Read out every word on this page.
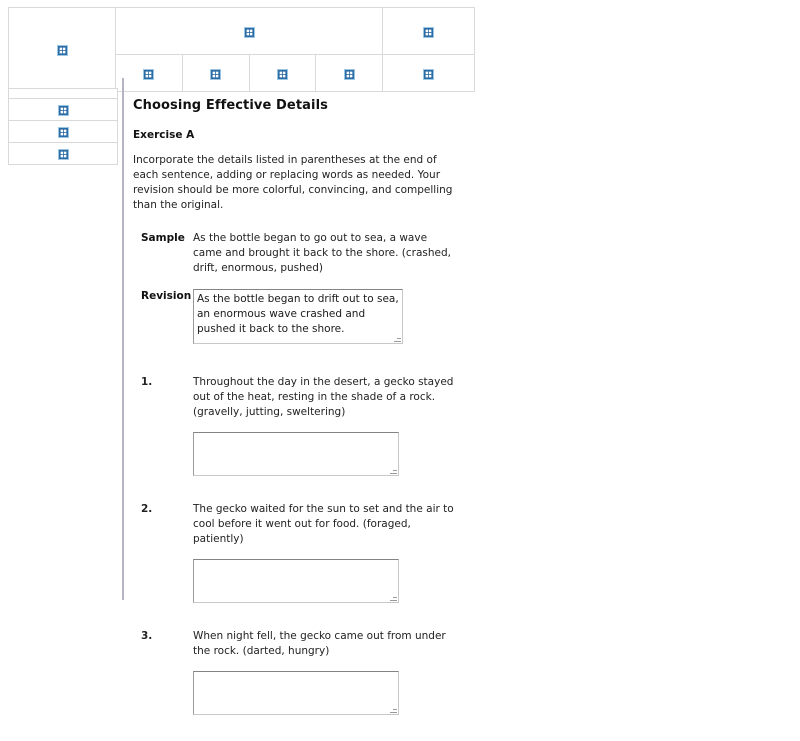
Choosing Effective Details
Exercise A

Incorporate the details listed in parentheses at the end of each sentence, adding or replacing words as needed. Your revision should be more colorful, convincing, and compelling than the original.

Sample As the bottle began to go out to sea, a wave came and brought it back to the shore. (crashed, drift, enormous, pushed)
Revision
As the bottle began to drift out to sea, an enormous wave crashed and pushed it back to the shore.
1.	Throughout the day in the desert, a gecko stayed out of the heat, resting in the shade of a rock. (gravelly, jutting, sweltering)
2.	The gecko waited for the sun to set and the air to cool before it went out for food. (foraged, patiently)
3.	When night fell, the gecko came out from under the rock. (darted, hungry)
